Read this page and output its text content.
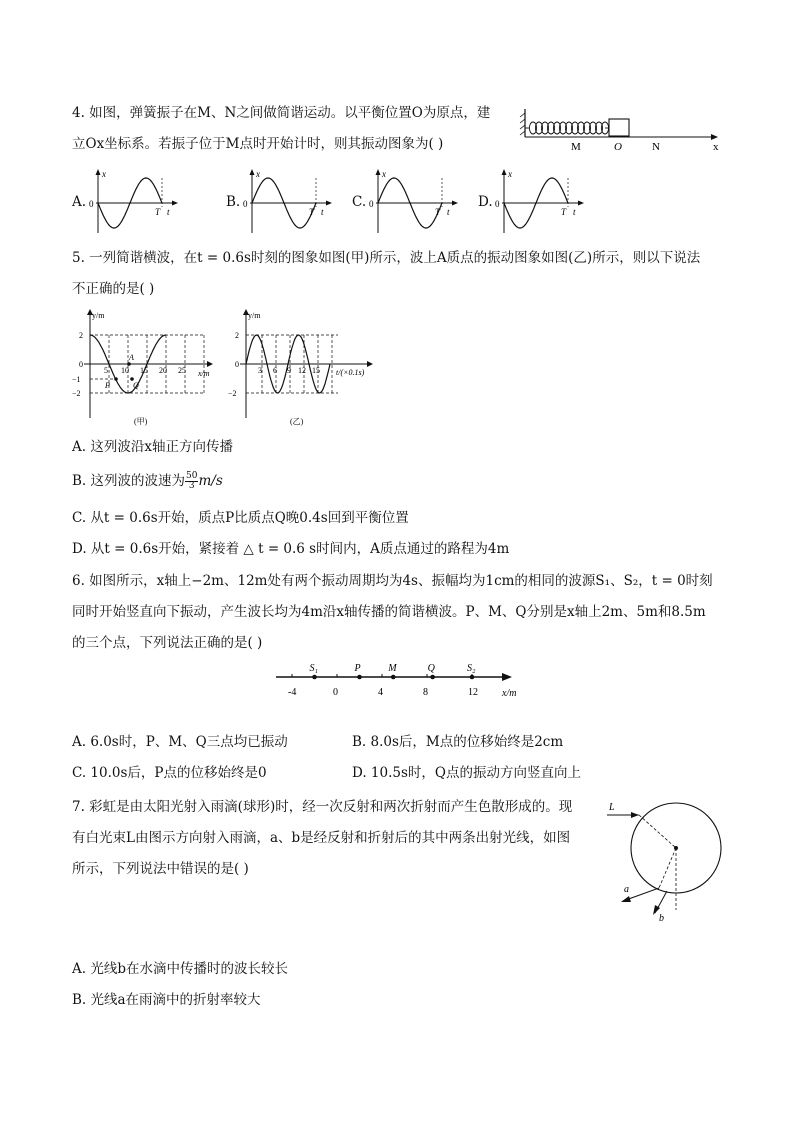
4. 如图，弹簧振子在M、N之间做简谐运动。以平衡位置O为原点，建
立Ox坐标系。若振子位于M点时开始计时，则其振动图象为( )	M	O	N	x
A.
x
0
T t
B.
x
0
T t
C.
x
0
T t
D.
x
0
T t
5. 一列简谐横波，在t = 0.6s时刻的图象如图(甲)所示，波上A质点的振动图象如图(乙)所示，则以下说法
不正确的是( )
y/m
x/m
2
0
−1
−2
5 10 15 20 25
P
A
Q
(甲)
y/m
t/(×0.1s)
2
0
−2
3 6 9 12 15
(乙)
A. 这列波沿x轴正方向传播
B. 这列波的波速为 $\frac{50}{3} m/s$
C. 从t = 0.6s开始，质点P比质点Q晚0.4s回到平衡位置
D. 从t = 0.6s开始，紧接着 △ t = 0.6 s时间内，A质点通过的路程为4m
6. 如图所示，x轴上−2m、12m处有两个振动周期均为4s、振幅均为1cm的相同的波源S₁、S₂，t = 0时刻
同时开始竖直向下振动，产生波长均为4m沿x轴传播的简谐横波。P、M、Q分别是x轴上2m、5m和8.5m
的三个点，下列说法正确的是( )
-4	0	4	8	12
S₁	P	M	Q	S₂
x/m
A. 6.0s时，P、M、Q三点均已振动	B. 8.0s后，M点的位移始终是2cm
C. 10.0s后，P点的位移始终是0	D. 10.5s时，Q点的振动方向竖直向上
7. 彩虹是由太阳光射入雨滴(球形)时，经一次反射和两次折射而产生色散形成的。现
有白光束L由图示方向射入雨滴，a、b是经反射和折射后的其中两条出射光线，如图
所示，下列说法中错误的是( )
L
a
b
A. 光线b在水滴中传播时的波长较长
B. 光线a在雨滴中的折射率较大
